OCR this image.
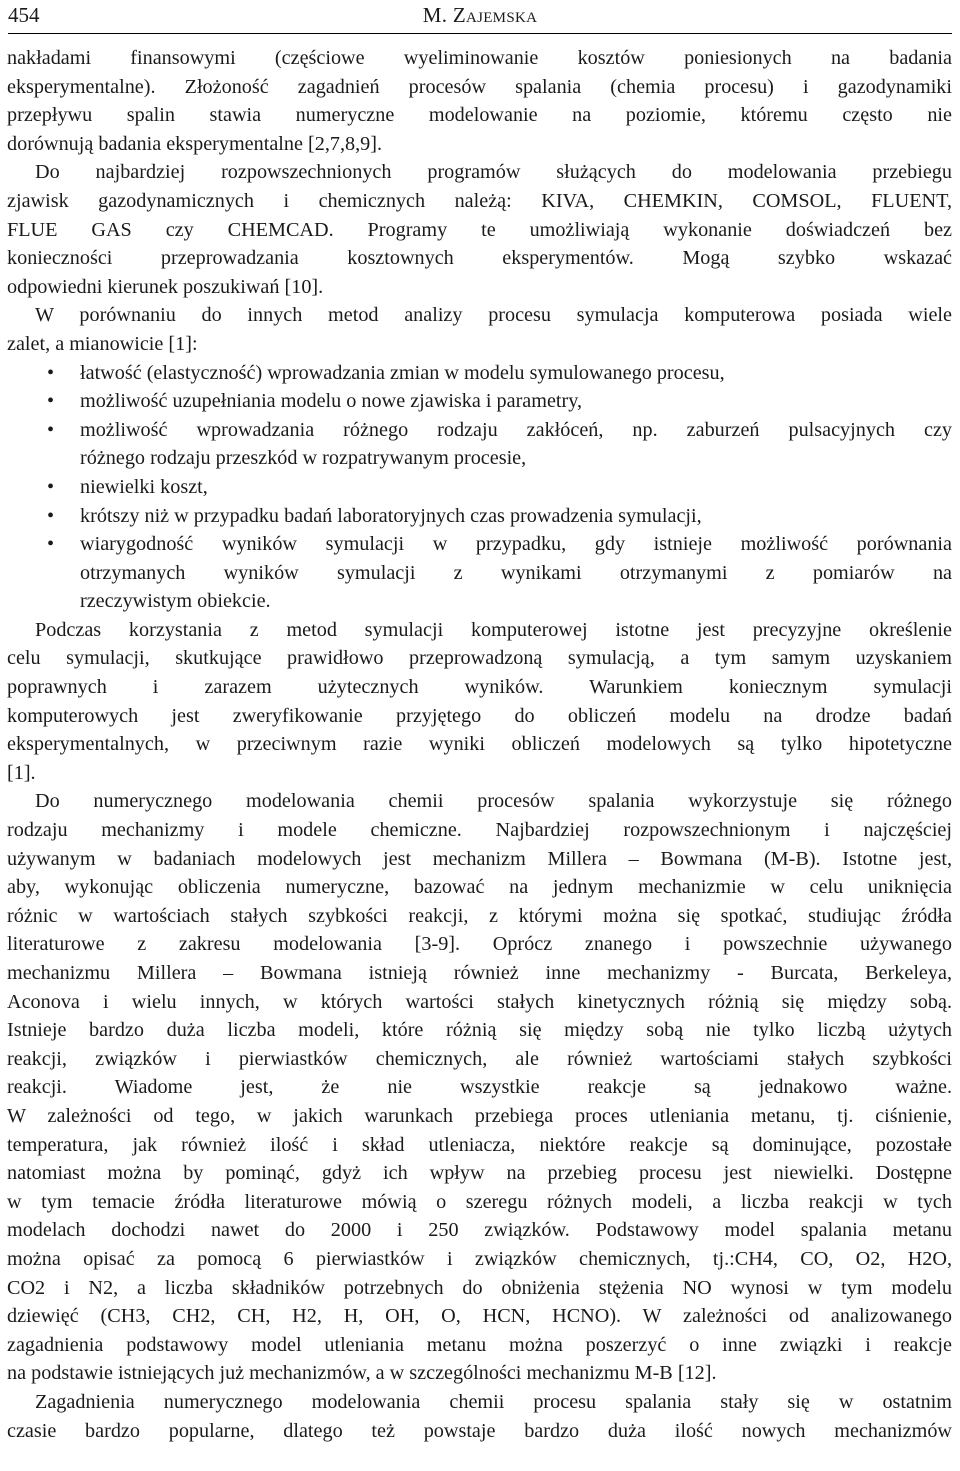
454	M. Zajemska
nakładami finansowymi (częściowe wyeliminowanie kosztów poniesionych na badania
eksperymentalne). Złożoność zagadnień procesów spalania (chemia procesu) i gazodynamiki
przepływu spalin stawia numeryczne modelowanie na poziomie, któremu często nie
dorównują badania eksperymentalne [2,7,8,9].
Do najbardziej rozpowszechnionych programów służących do modelowania przebiegu
zjawisk gazodynamicznych i chemicznych należą: KIVA, CHEMKIN, COMSOL, FLUENT,
FLUE GAS czy CHEMCAD. Programy te umożliwiają wykonanie doświadczeń bez
konieczności przeprowadzania kosztownych eksperymentów. Mogą szybko wskazać
odpowiedni kierunek poszukiwań [10].
W porównaniu do innych metod analizy procesu symulacja komputerowa posiada wiele
zalet, a mianowicie [1]:
• łatwość (elastyczność) wprowadzania zmian w modelu symulowanego procesu,
• możliwość uzupełniania modelu o nowe zjawiska i parametry,
• możliwość wprowadzania różnego rodzaju zakłóceń, np. zaburzeń pulsacyjnych czy
różnego rodzaju przeszkód w rozpatrywanym procesie,
• niewielki koszt,
• krótszy niż w przypadku badań laboratoryjnych czas prowadzenia symulacji,
• wiarygodność wyników symulacji w przypadku, gdy istnieje możliwość porównania
otrzymanych wyników symulacji z wynikami otrzymanymi z pomiarów na
rzeczywistym obiekcie.
Podczas korzystania z metod symulacji komputerowej istotne jest precyzyjne określenie
celu symulacji, skutkujące prawidłowo przeprowadzoną symulacją, a tym samym uzyskaniem
poprawnych i zarazem użytecznych wyników. Warunkiem koniecznym symulacji
komputerowych jest zweryfikowanie przyjętego do obliczeń modelu na drodze badań
eksperymentalnych, w przeciwnym razie wyniki obliczeń modelowych są tylko hipotetyczne
[1].
Do numerycznego modelowania chemii procesów spalania wykorzystuje się różnego
rodzaju mechanizmy i modele chemiczne. Najbardziej rozpowszechnionym i najczęściej
używanym w badaniach modelowych jest mechanizm Millera – Bowmana (M-B). Istotne jest,
aby, wykonując obliczenia numeryczne, bazować na jednym mechanizmie w celu uniknięcia
różnic w wartościach stałych szybkości reakcji, z którymi można się spotkać, studiując źródła
literaturowe z zakresu modelowania [3-9]. Oprócz znanego i powszechnie używanego
mechanizmu Millera – Bowmana istnieją również inne mechanizmy - Burcata, Berkeleya,
Aconova i wielu innych, w których wartości stałych kinetycznych różnią się między sobą.
Istnieje bardzo duża liczba modeli, które różnią się między sobą nie tylko liczbą użytych
reakcji, związków i pierwiastków chemicznych, ale również wartościami stałych szybkości
reakcji. Wiadome jest, że nie wszystkie reakcje są jednakowo ważne.
W zależności od tego, w jakich warunkach przebiega proces utleniania metanu, tj. ciśnienie,
temperatura, jak również ilość i skład utleniacza, niektóre reakcje są dominujące, pozostałe
natomiast można by pominąć, gdyż ich wpływ na przebieg procesu jest niewielki. Dostępne
w tym temacie źródła literaturowe mówią o szeregu różnych modeli, a liczba reakcji w tych
modelach dochodzi nawet do 2000 i 250 związków. Podstawowy model spalania metanu
można opisać za pomocą 6 pierwiastków i związków chemicznych, tj.:CH4, CO, O2, H2O,
CO2 i N2, a liczba składników potrzebnych do obniżenia stężenia NO wynosi w tym modelu
dziewięć (CH3, CH2, CH, H2, H, OH, O, HCN, HCNO). W zależności od analizowanego
zagadnienia podstawowy model utleniania metanu można poszerzyć o inne związki i reakcje
na podstawie istniejących już mechanizmów, a w szczególności mechanizmu M-B [12].
Zagadnienia numerycznego modelowania chemii procesu spalania stały się w ostatnim
czasie bardzo popularne, dlatego też powstaje bardzo duża ilość nowych mechanizmów
